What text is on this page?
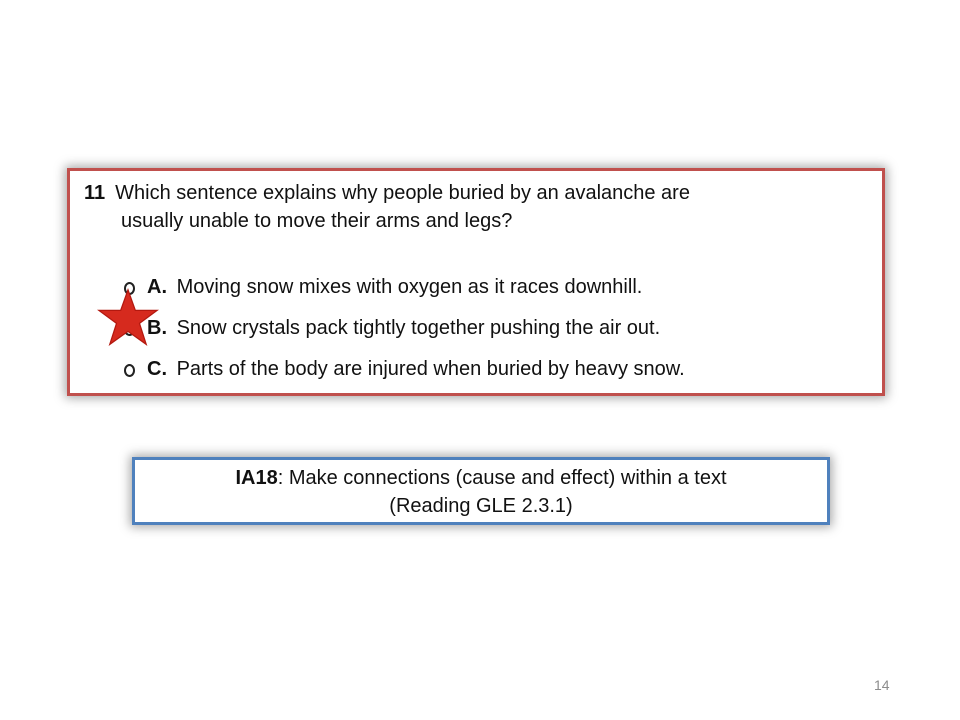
11 Which sentence explains why people buried by an avalanche are
usually unable to move their arms and legs?
A. Moving snow mixes with oxygen as it races downhill.
B. Snow crystals pack tightly together pushing the air out.
C. Parts of the body are injured when buried by heavy snow.
IA18: Make connections (cause and effect) within a text
(Reading GLE 2.3.1)
14
